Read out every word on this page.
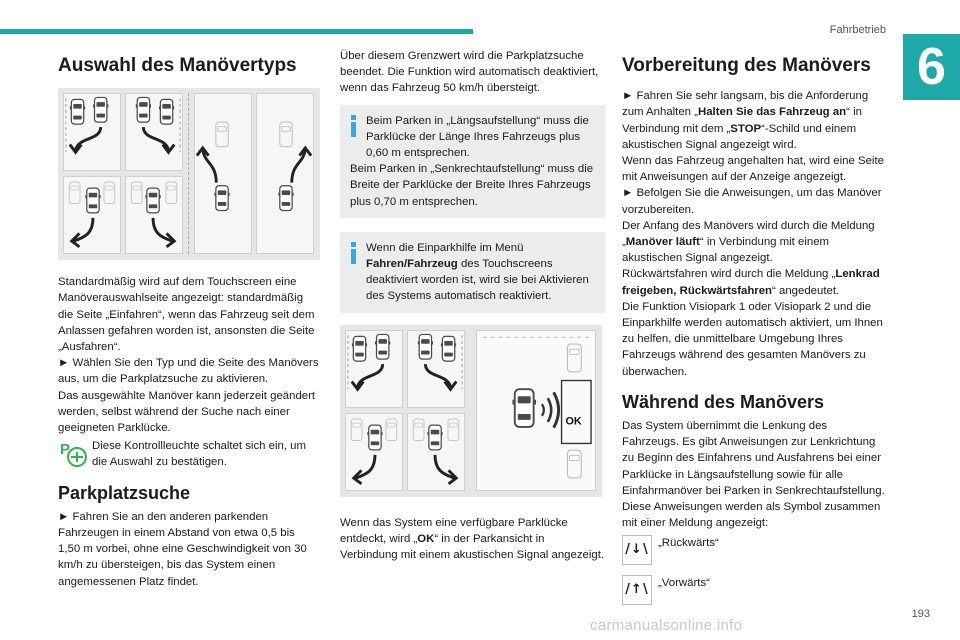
Fahrbetrieb
6
Auswahl des Manövertyps

Standardmäßig wird auf dem Touchscreen eine Manöverauswahlseite angezeigt: standardmäßig die Seite „Einfahren“, wenn das Fahrzeug seit dem Anlassen gefahren worden ist, ansonsten die Seite „Ausfahren“.

► Wählen Sie den Typ und die Seite des Manövers aus, um die Parkplatzsuche zu aktivieren.

Das ausgewählte Manöver kann jederzeit geändert werden, selbst während der Suche nach einer geeigneten Parklücke.

P Diese Kontrollleuchte schaltet sich ein, um die Auswahl zu bestätigen.

Parkplatzsuche

► Fahren Sie an den anderen parkenden Fahrzeugen in einem Abstand von etwa 0,5 bis 1,50 m vorbei, ohne eine Geschwindigkeit von 30 km/h zu übersteigen, bis das System einen angemessenen Platz findet.

Über diesem Grenzwert wird die Parkplatzsuche beendet. Die Funktion wird automatisch deaktiviert, wenn das Fahrzeug 50 km/h übersteigt.

Beim Parken in „Längsaufstellung“ muss die Parklücke der Länge Ihres Fahrzeugs plus 0,60 m entsprechen.

Beim Parken in „Senkrechtaufstellung“ muss die Breite der Parklücke der Breite Ihres Fahrzeugs plus 0,70 m entsprechen.

Wenn die Einparkhilfe im Menü Fahren/Fahrzeug des Touchscreens deaktiviert worden ist, wird sie bei Aktivieren des Systems automatisch reaktiviert.

OK

Wenn das System eine verfügbare Parklücke entdeckt, wird „OK“ in der Parkansicht in Verbindung mit einem akustischen Signal angezeigt.

Vorbereitung des Manövers

► Fahren Sie sehr langsam, bis die Anforderung zum Anhalten „Halten Sie das Fahrzeug an“ in Verbindung mit dem „STOP“-Schild und einem akustischen Signal angezeigt wird.

Wenn das Fahrzeug angehalten hat, wird eine Seite mit Anweisungen auf der Anzeige angezeigt.

► Befolgen Sie die Anweisungen, um das Manöver vorzubereiten.

Der Anfang des Manövers wird durch die Meldung „Manöver läuft“ in Verbindung mit einem akustischen Signal angezeigt.

Rückwärtsfahren wird durch die Meldung „Lenkrad freigeben, Rückwärtsfahren“ angedeutet.

Die Funktion Visiopark 1 oder Visiopark 2 und die Einparkhilfe werden automatisch aktiviert, um Ihnen zu helfen, die unmittelbare Umgebung Ihres Fahrzeugs während des gesamten Manövers zu überwachen.

Während des Manövers

Das System übernimmt die Lenkung des Fahrzeugs. Es gibt Anweisungen zur Lenkrichtung zu Beginn des Einfahrens und Ausfahrens bei einer Parklücke in Längsaufstellung sowie für alle Einfahrmanöver bei Parken in Senkrechtaufstellung.

Diese Anweisungen werden als Symbol zusammen mit einer Meldung angezeigt:

/↓\ „Rückwärts“

/↑\ „Vorwärts“

193
carmanualsonline.info
